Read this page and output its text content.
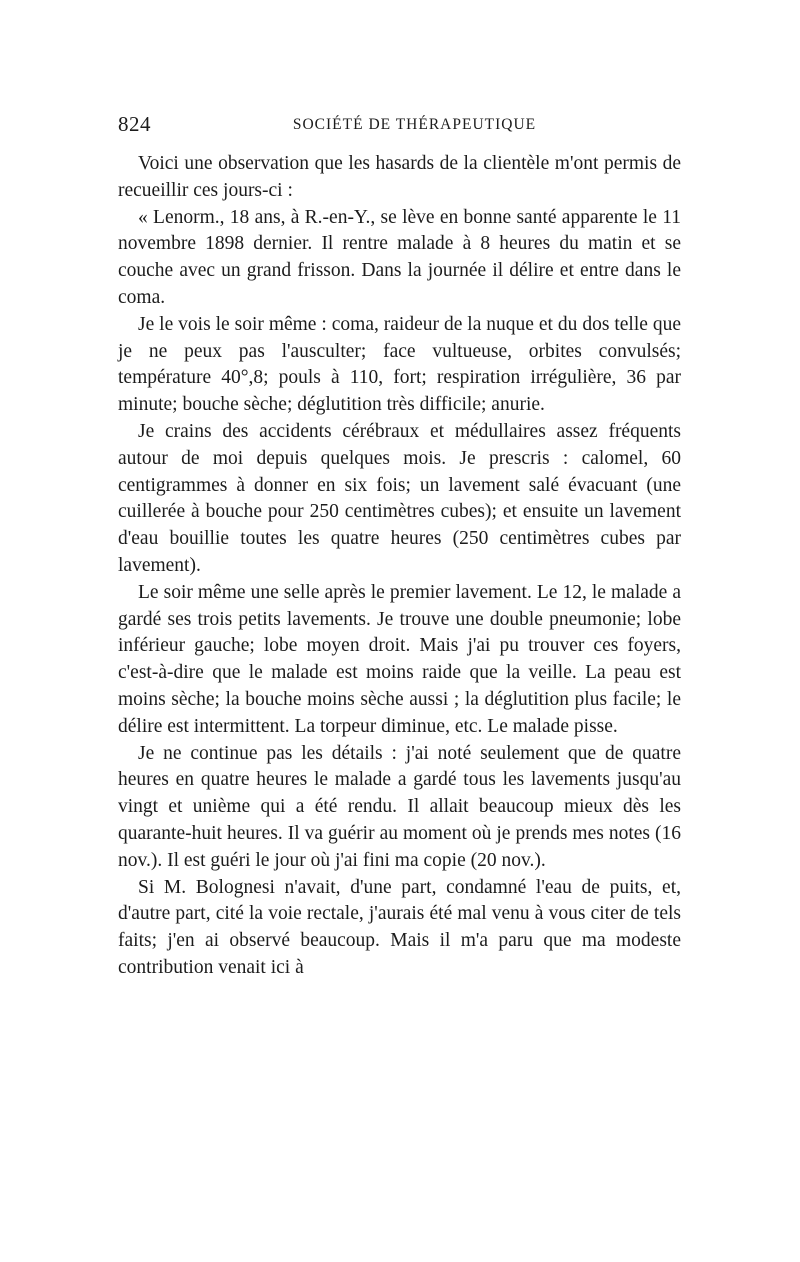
824	SOCIÉTÉ DE THÉRAPEUTIQUE

Voici une observation que les hasards de la clientèle m'ont permis de recueillir ces jours-ci :

« Lenorm., 18 ans, à R.-en-Y., se lève en bonne santé apparente le 11 novembre 1898 dernier. Il rentre malade à 8 heures du matin et se couche avec un grand frisson. Dans la journée il délire et entre dans le coma.

Je le vois le soir même : coma, raideur de la nuque et du dos telle que je ne peux pas l'ausculter; face vultueuse, orbites convulsés; température 40°,8; pouls à 110, fort; respiration irrégulière, 36 par minute; bouche sèche; déglutition très difficile; anurie.

Je crains des accidents cérébraux et médullaires assez fréquents autour de moi depuis quelques mois. Je prescris : calomel, 60 centigrammes à donner en six fois; un lavement salé évacuant (une cuillerée à bouche pour 250 centimètres cubes); et ensuite un lavement d'eau bouillie toutes les quatre heures (250 centimètres cubes par lavement).

Le soir même une selle après le premier lavement. Le 12, le malade a gardé ses trois petits lavements. Je trouve une double pneumonie; lobe inférieur gauche; lobe moyen droit. Mais j'ai pu trouver ces foyers, c'est-à-dire que le malade est moins raide que la veille. La peau est moins sèche; la bouche moins sèche aussi ; la déglutition plus facile; le délire est intermittent. La torpeur diminue, etc. Le malade pisse.

Je ne continue pas les détails : j'ai noté seulement que de quatre heures en quatre heures le malade a gardé tous les lavements jusqu'au vingt et unième qui a été rendu. Il allait beaucoup mieux dès les quarante-huit heures. Il va guérir au moment où je prends mes notes (16 nov.). Il est guéri le jour où j'ai fini ma copie (20 nov.).

Si M. Bolognesi n'avait, d'une part, condamné l'eau de puits, et, d'autre part, cité la voie rectale, j'aurais été mal venu à vous citer de tels faits; j'en ai observé beaucoup. Mais il m'a paru que ma modeste contribution venait ici à
